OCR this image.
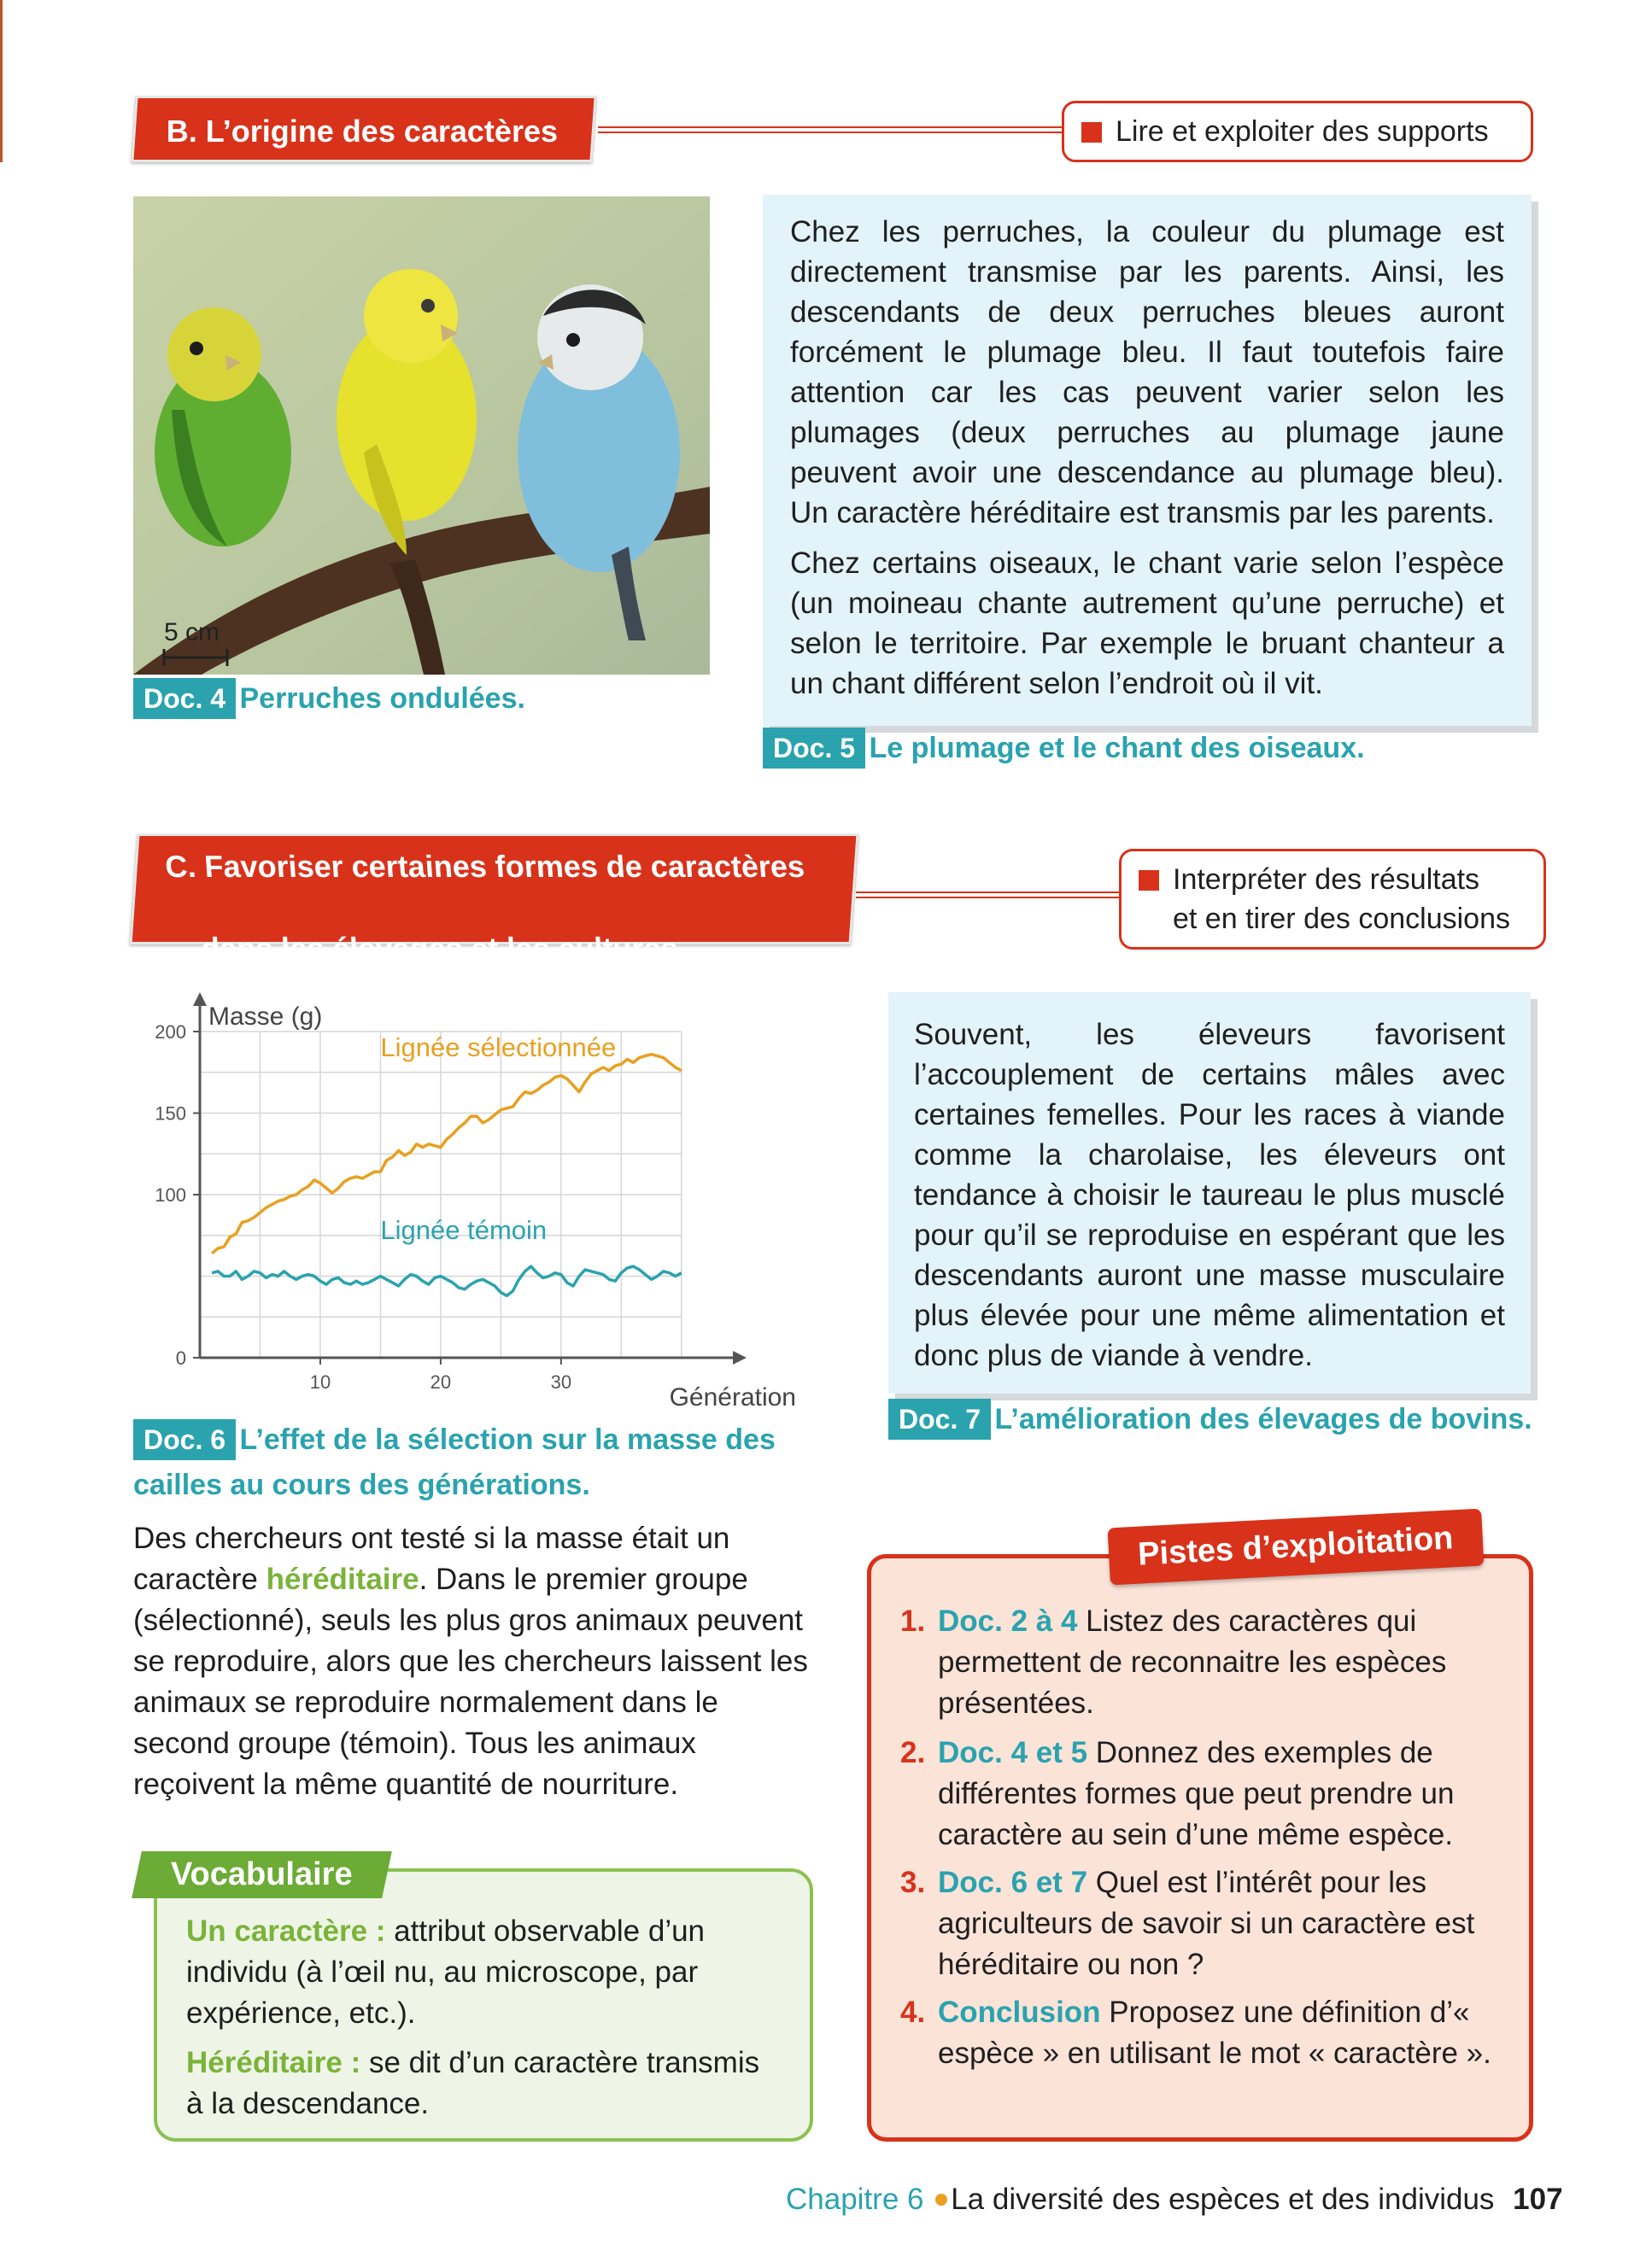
B. L’origine des caractères	Lire et exploiter des supports
5 cm
Doc. 4 Perruches ondulées.

Chez les perruches, la couleur du plumage est directement transmise par les parents. Ainsi, les descendants de deux perruches bleues auront forcément le plumage bleu. Il faut toutefois faire attention car les cas peuvent varier selon les plumages (deux perruches au plumage jaune peuvent avoir une descendance au plumage bleu). Un caractère héréditaire est transmis par les parents.

Chez certains oiseaux, le chant varie selon l’espèce (un moineau chante autrement qu’une perruche) et selon le territoire. Par exemple le bruant chanteur a un chant différent selon l’endroit où il vit.

Doc. 5 Le plumage et le chant des oiseaux.
C. Favoriser certaines formes de caractères

dans les élevages et les cultures
Interpréter des résultats
et en tirer des conclusions
0
100
150
200
10	20	30
Masse (g)
Génération
Lignée sélectionnée
Lignée témoin
Doc. 6 L’effet de la sélection sur la masse des
cailles au cours des générations.
Des chercheurs ont testé si la masse était un caractère héréditaire. Dans le premier groupe (sélectionné), seuls les plus gros animaux peuvent se reproduire, alors que les chercheurs laissent les animaux se reproduire normalement dans le second groupe (témoin). Tous les animaux reçoivent la même quantité de nourriture.

Souvent, les éleveurs favorisent l’accouplement de certains mâles avec certaines femelles. Pour les races à viande comme la charolaise, les éleveurs ont tendance à choisir le taureau le plus musclé pour qu’il se reproduise en espérant que les descendants auront une masse musculaire plus élevée pour une même alimentation et donc plus de viande à vendre.

Doc. 7 L’amélioration des élevages de bovins.
Un caractère : attribut observable d’un individu (à l’œil nu, au microscope, par expérience, etc.).
Héréditaire : se dit d’un caractère transmis à la descendance.
Vocabulaire
1. Doc. 2 à 4 Listez des caractères qui permettent de reconnaitre les espèces présentées.
2. Doc. 4 et 5 Donnez des exemples de différentes formes que peut prendre un caractère au sein d’une même espèce.
3. Doc. 6 et 7 Quel est l’intérêt pour les agriculteurs de savoir si un caractère est héréditaire ou non ?
4. Conclusion Proposez une définition d’« espèce » en utilisant le mot « caractère ».
Pistes d’exploitation
Chapitre 6 La diversité des espèces et des individus 107
